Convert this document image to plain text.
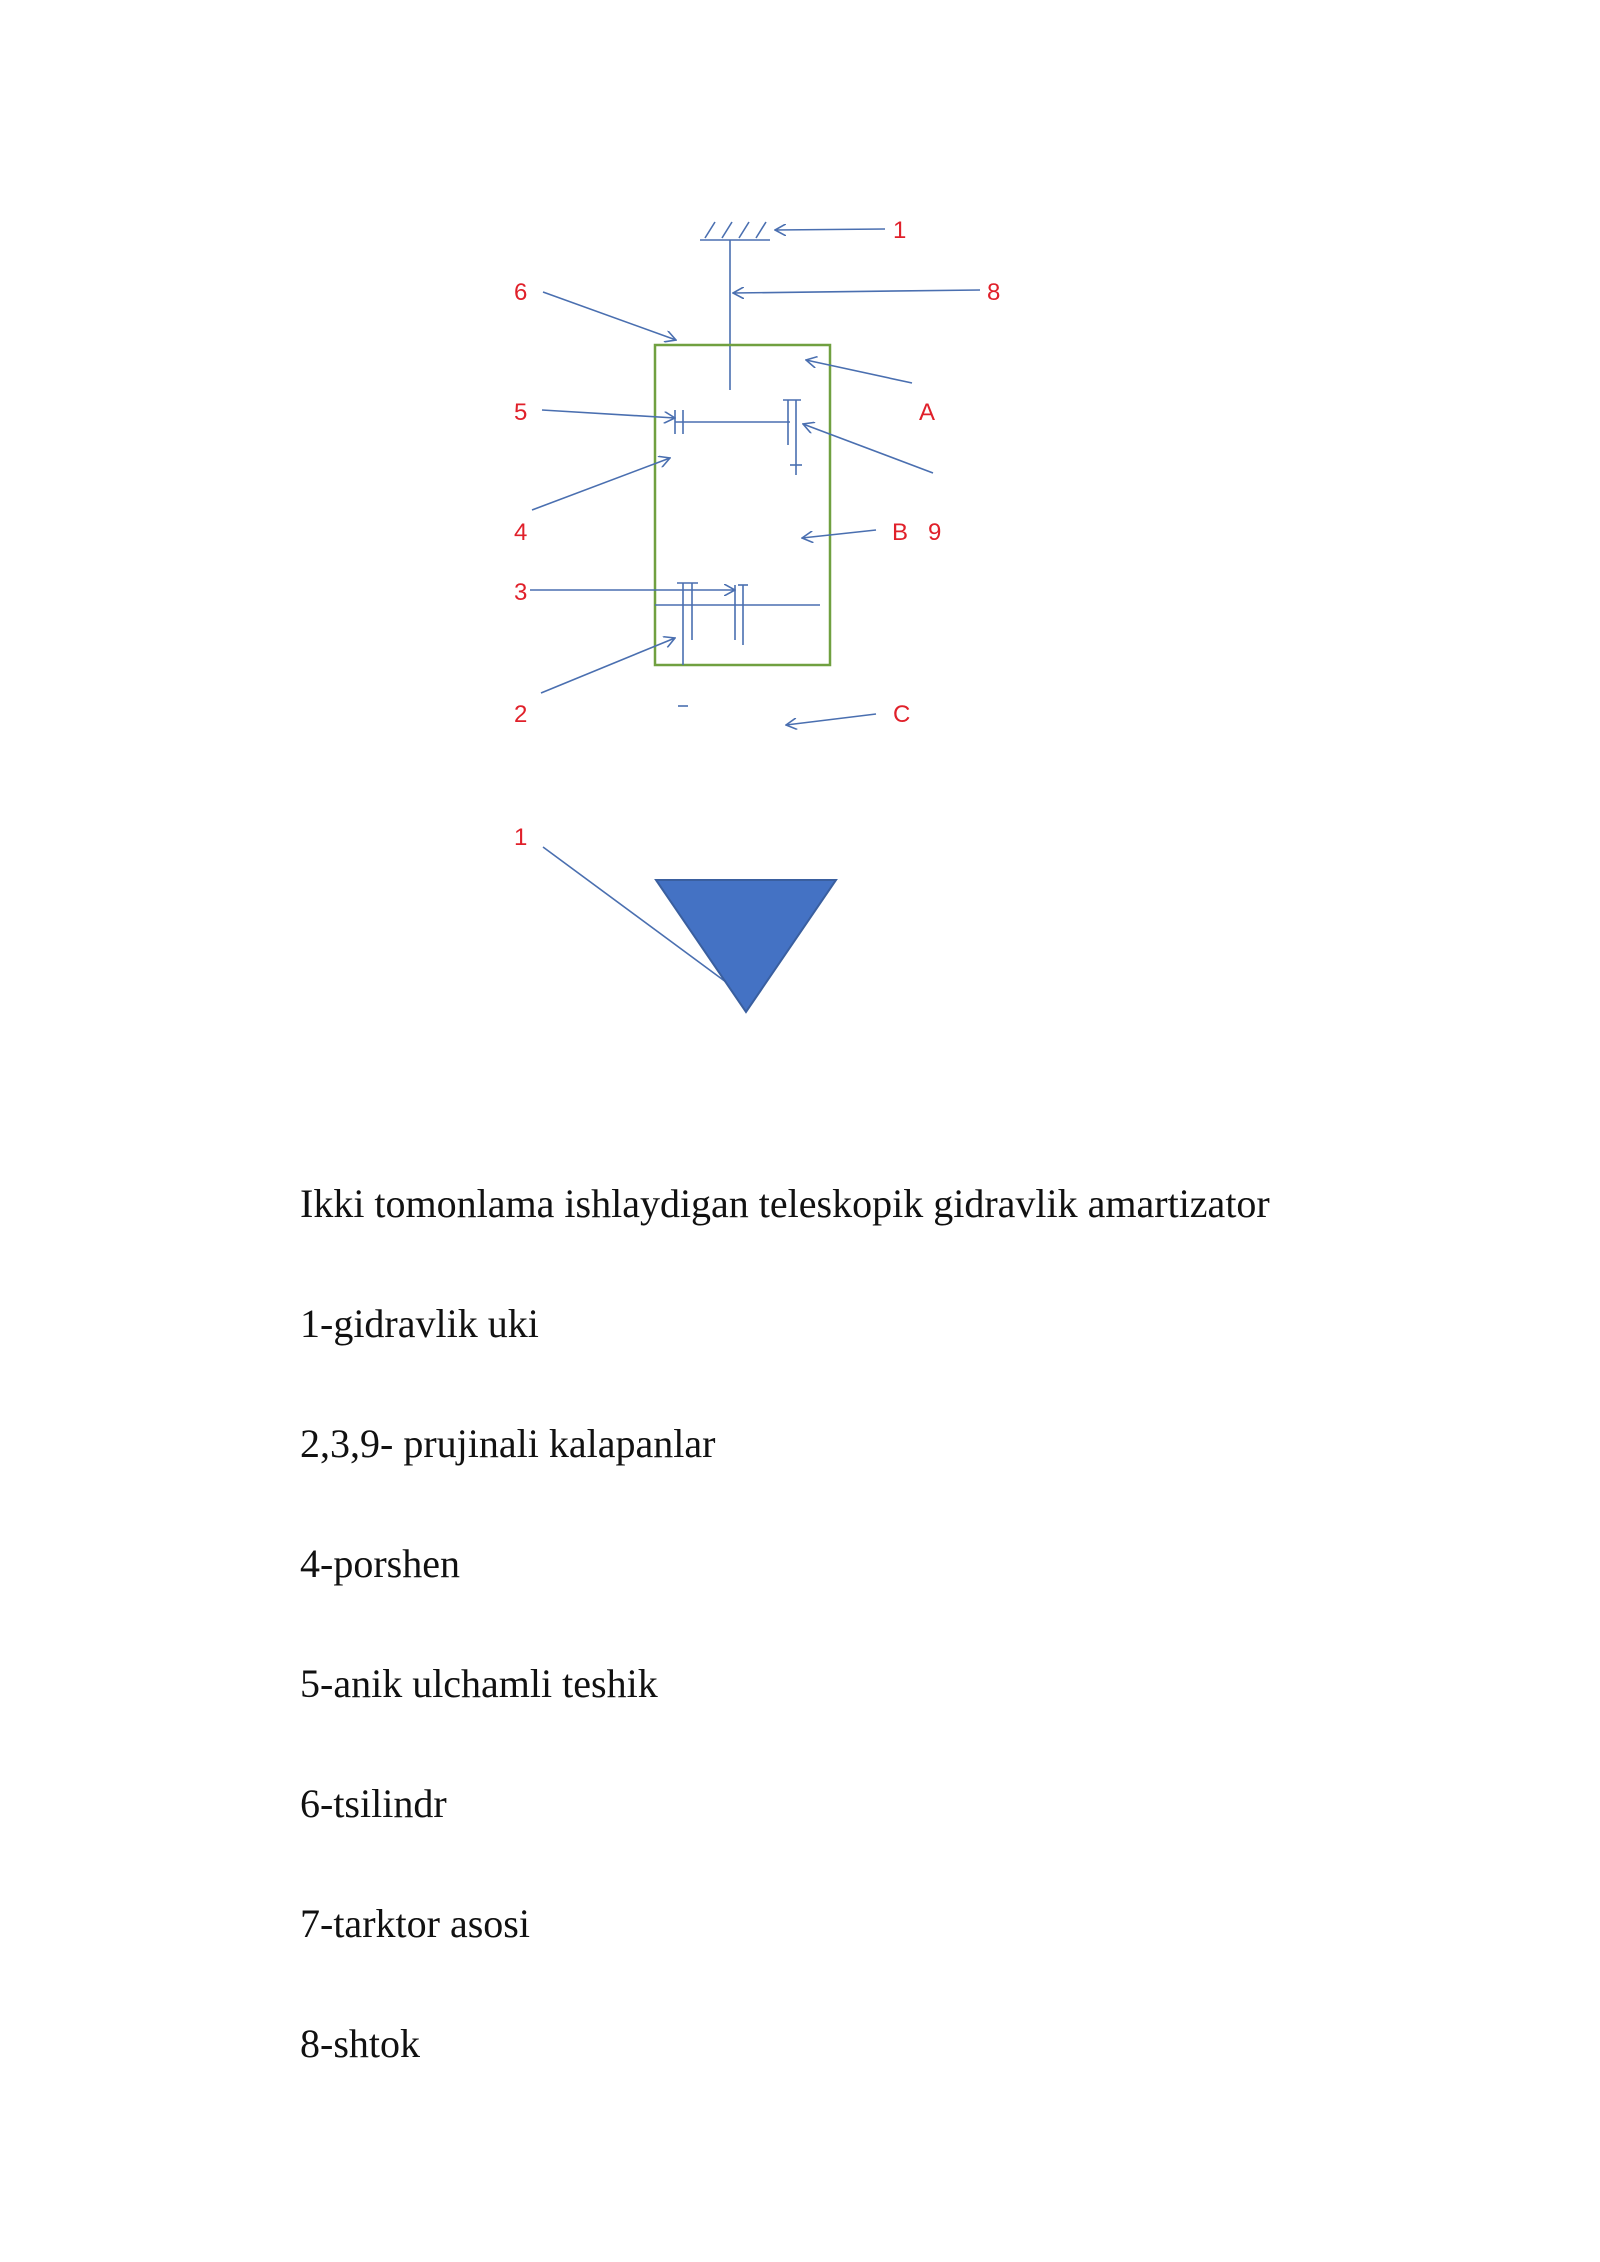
1
8
6
5	A
4	B 9
3
2	C
1

Ikki tomonlama ishlaydigan teleskopik gidravlik amartizator

1-gidravlik uki

2,3,9- prujinali kalapanlar

4-porshen

5-anik ulchamli teshik

6-tsilindr

7-tarktor asosi

8-shtok
